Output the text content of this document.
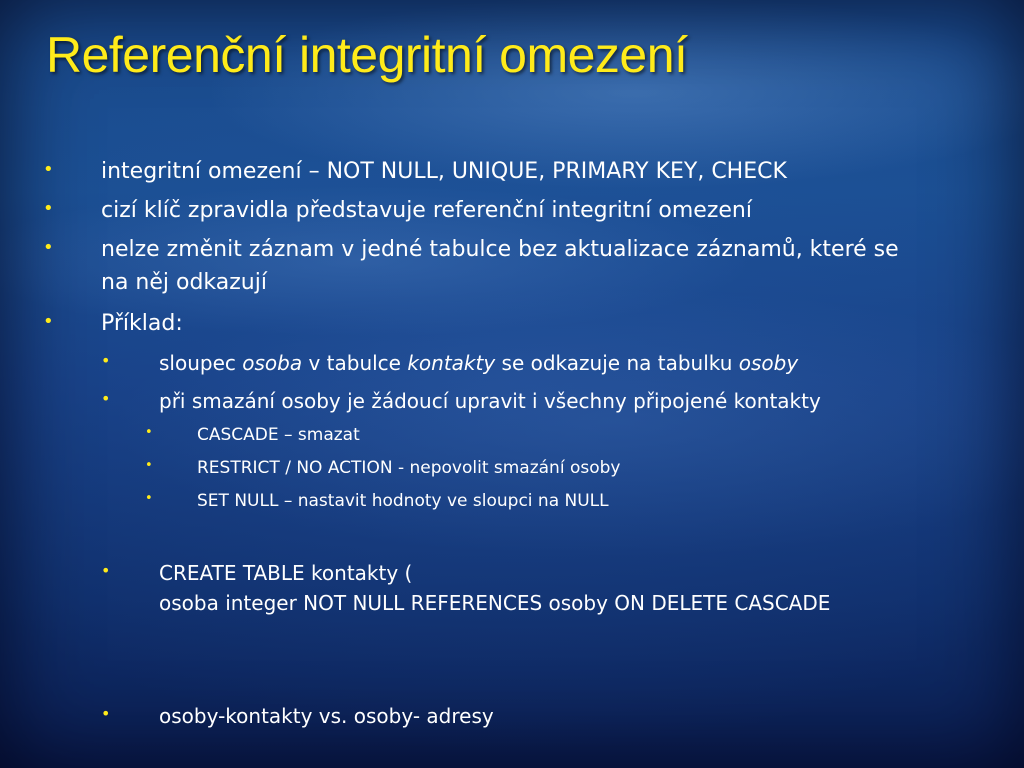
Referenční integritní omezení
• integritní omezení – NOT NULL, UNIQUE, PRIMARY KEY, CHECK
• cizí klíč zpravidla představuje referenční integritní omezení
• nelze změnit záznam v jedné tabulce bez aktualizace záznamů, které se
na něj odkazují
• Příklad:
• sloupec osoba v tabulce kontakty se odkazuje na tabulku osoby
• při smazání osoby je žádoucí upravit i všechny připojené kontakty
•	CASCADE – smazat
•	RESTRICT / NO ACTION - nepovolit smazání osoby
•	SET NULL – nastavit hodnoty ve sloupci na NULL
• CREATE TABLE kontakty (
osoba integer NOT NULL REFERENCES osoby ON DELETE CASCADE
• osoby-kontakty vs. osoby- adresy
